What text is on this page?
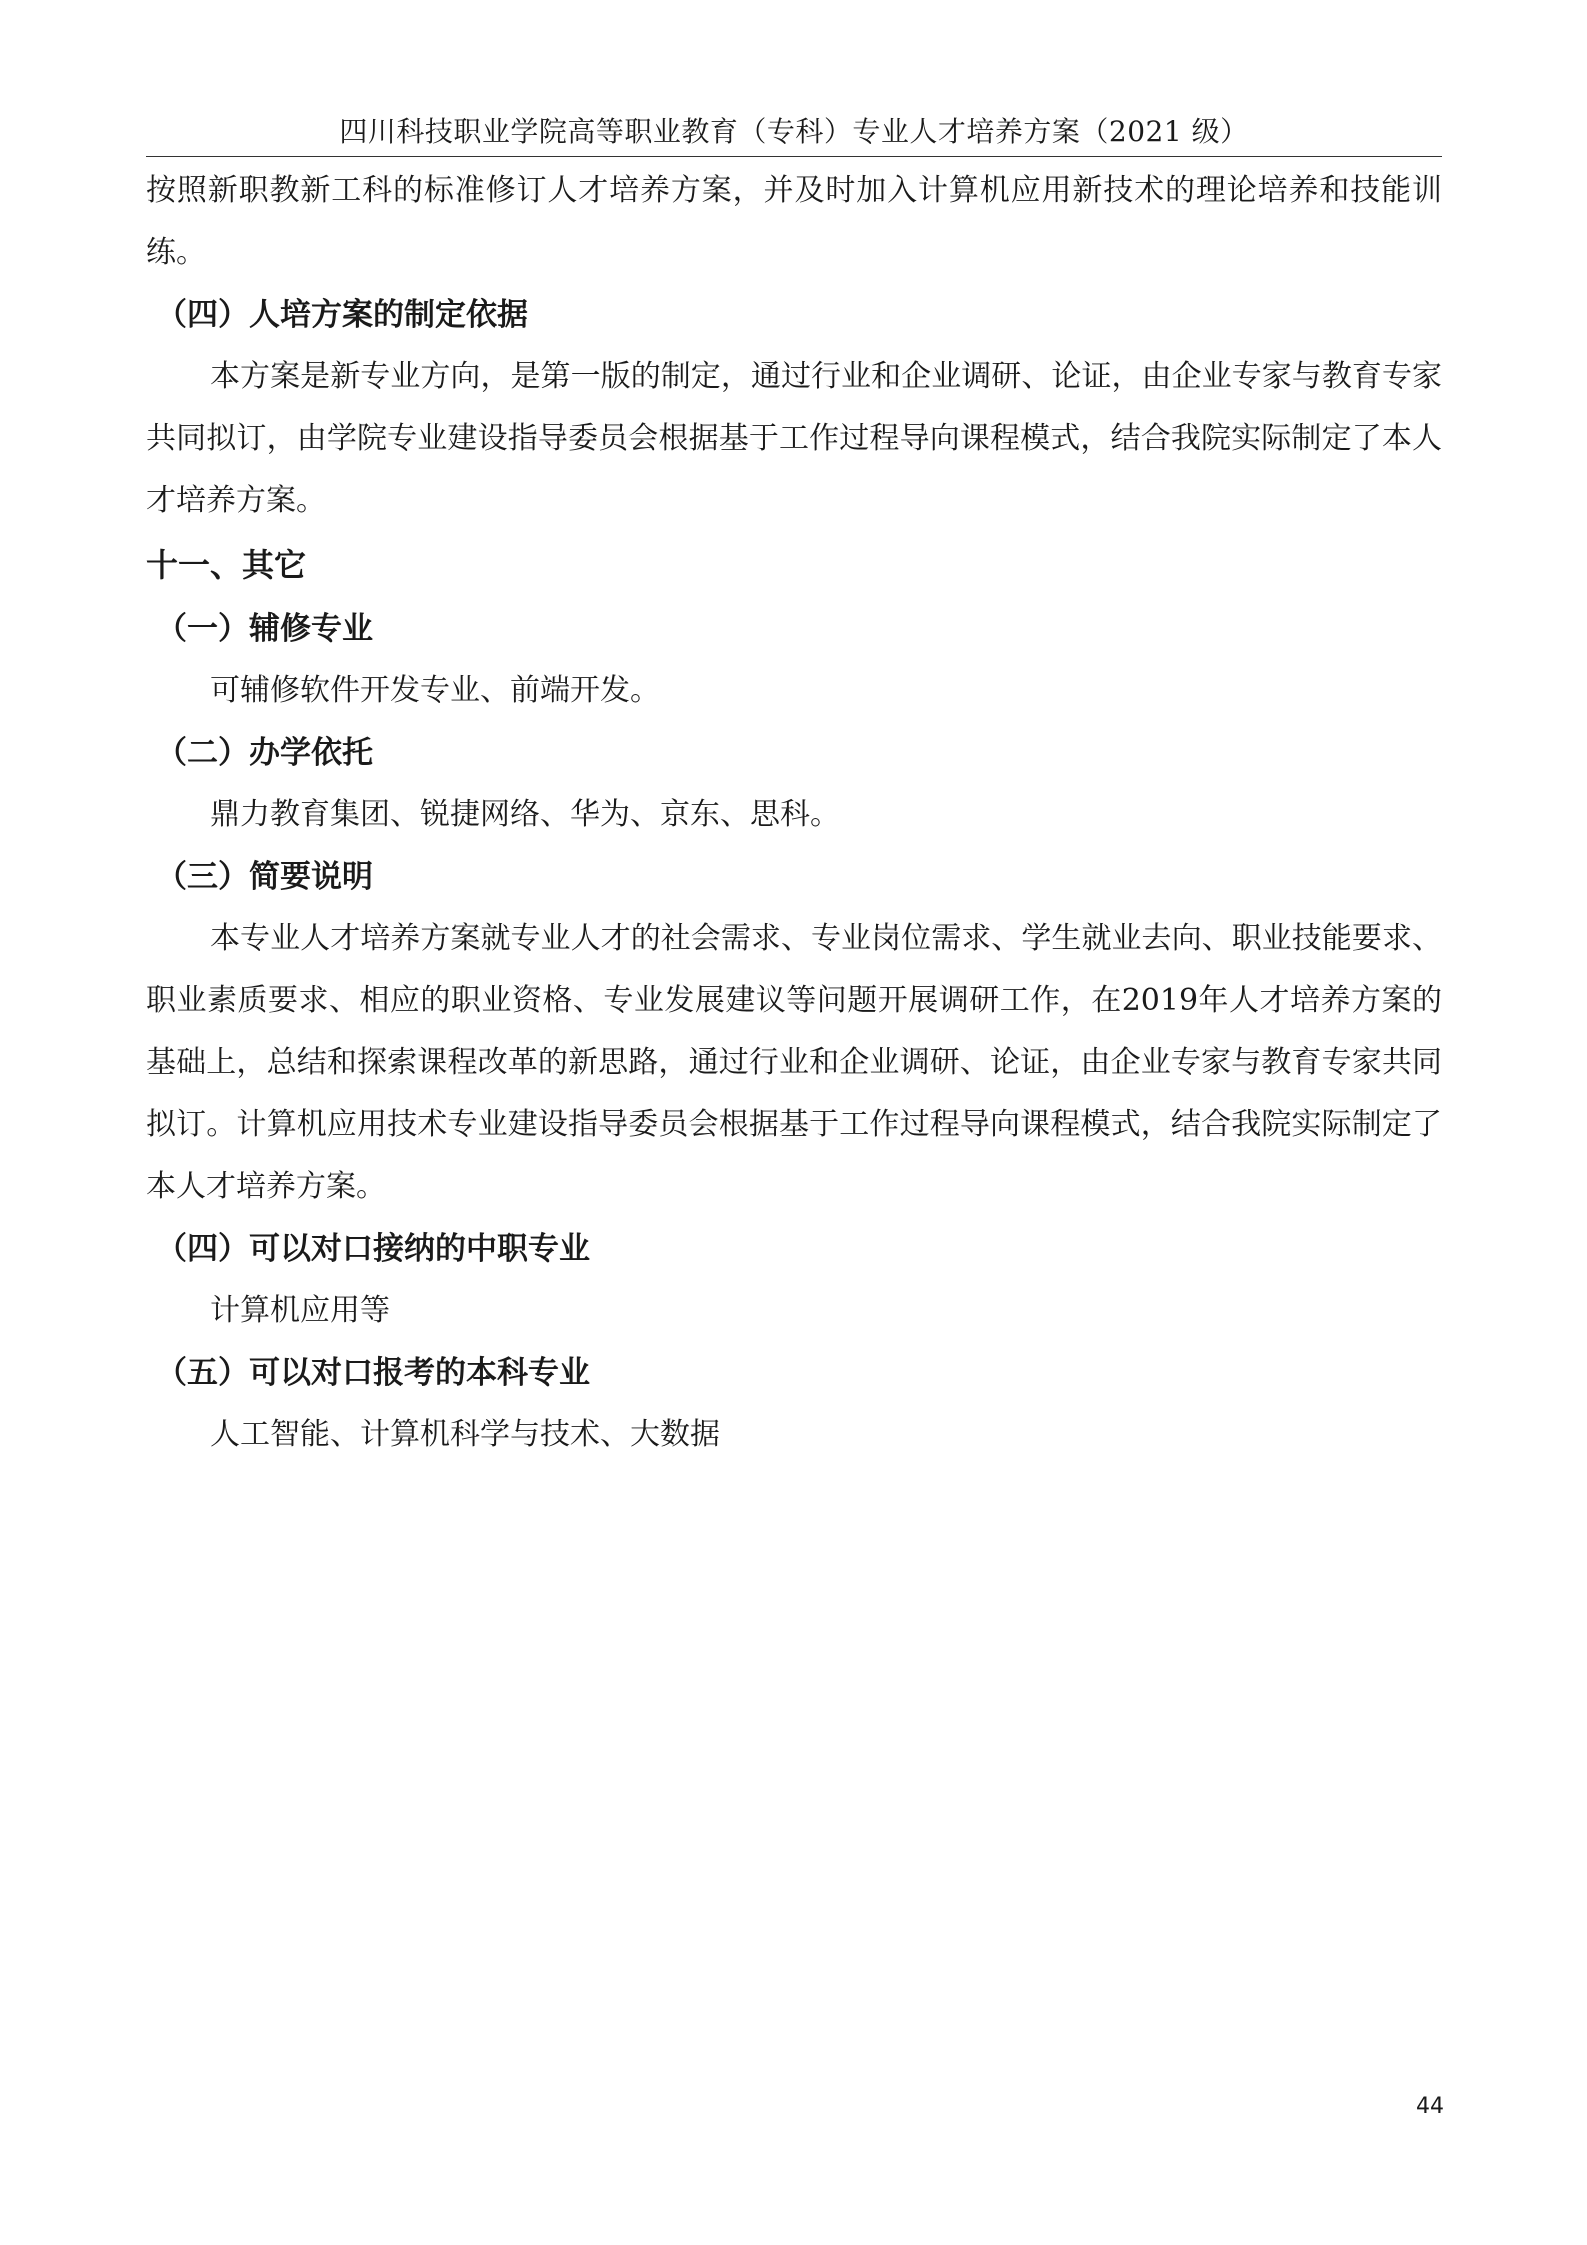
四川科技职业学院高等职业教育（专科）专业人才培养方案（2021 级）

按照新职教新工科的标准修订人才培养方案，并及时加入计算机应用新技术的理论培养和技能训练。

（四）人培方案的制定依据

本方案是新专业方向，是第一版的制定，通过行业和企业调研、论证，由企业专家与教育专家共同拟订，由学院专业建设指导委员会根据基于工作过程导向课程模式，结合我院实际制定了本人才培养方案。

十一、其它

（一）辅修专业

可辅修软件开发专业、前端开发。

（二）办学依托

鼎力教育集团、锐捷网络、华为、京东、思科。

（三）简要说明

本专业人才培养方案就专业人才的社会需求、专业岗位需求、学生就业去向、职业技能要求、职业素质要求、相应的职业资格、专业发展建议等问题开展调研工作，在2019年人才培养方案的基础上，总结和探索课程改革的新思路，通过行业和企业调研、论证，由企业专家与教育专家共同拟订。计算机应用技术专业建设指导委员会根据基于工作过程导向课程模式，结合我院实际制定了本人才培养方案。

（四）可以对口接纳的中职专业

计算机应用等

（五）可以对口报考的本科专业

人工智能、计算机科学与技术、大数据

44
